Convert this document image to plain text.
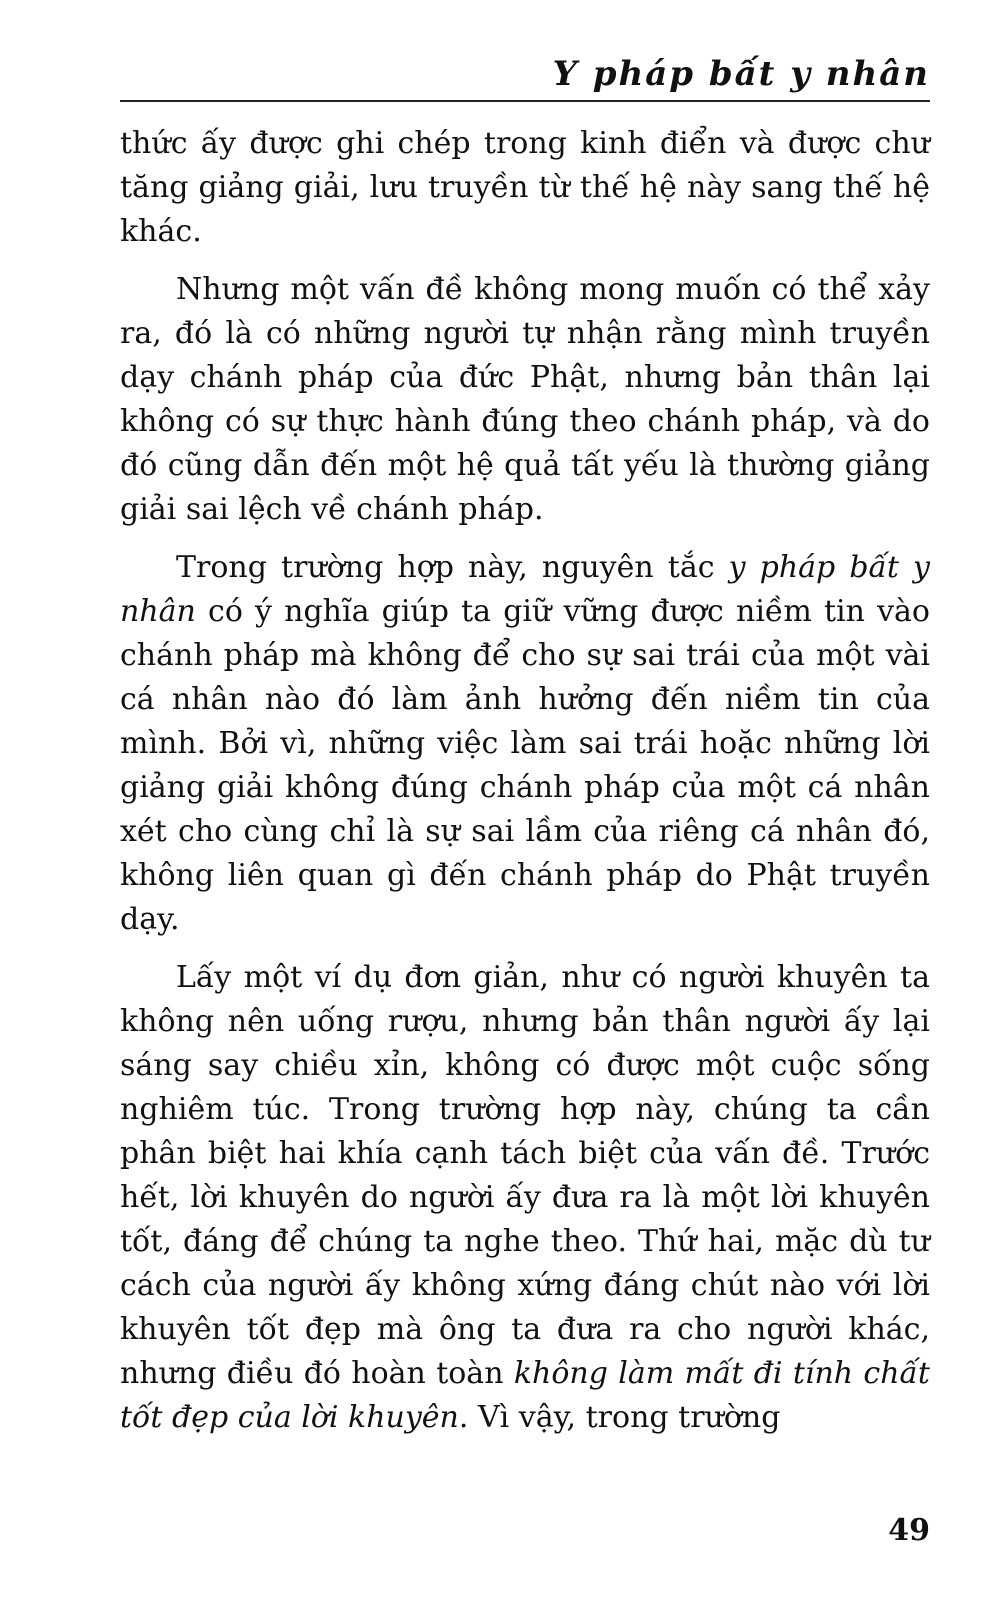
Y pháp bất y nhân

thức ấy được ghi chép trong kinh điển và được chư tăng giảng giải, lưu truyền từ thế hệ này sang thế hệ khác.

Nhưng một vấn đề không mong muốn có thể xảy ra, đó là có những người tự nhận rằng mình truyền dạy chánh pháp của đức Phật, nhưng bản thân lại không có sự thực hành đúng theo chánh pháp, và do đó cũng dẫn đến một hệ quả tất yếu là thường giảng giải sai lệch về chánh pháp.

Trong trường hợp này, nguyên tắc y pháp bất y nhân có ý nghĩa giúp ta giữ vững được niềm tin vào chánh pháp mà không để cho sự sai trái của một vài cá nhân nào đó làm ảnh hưởng đến niềm tin của mình. Bởi vì, những việc làm sai trái hoặc những lời giảng giải không đúng chánh pháp của một cá nhân xét cho cùng chỉ là sự sai lầm của riêng cá nhân đó, không liên quan gì đến chánh pháp do Phật truyền dạy.

Lấy một ví dụ đơn giản, như có người khuyên ta không nên uống rượu, nhưng bản thân người ấy lại sáng say chiều xỉn, không có được một cuộc sống nghiêm túc. Trong trường hợp này, chúng ta cần phân biệt hai khía cạnh tách biệt của vấn đề. Trước hết, lời khuyên do người ấy đưa ra là một lời khuyên tốt, đáng để chúng ta nghe theo. Thứ hai, mặc dù tư cách của người ấy không xứng đáng chút nào với lời khuyên tốt đẹp mà ông ta đưa ra cho người khác, nhưng điều đó hoàn toàn không làm mất đi tính chất tốt đẹp của lời khuyên. Vì vậy, trong trường

49
